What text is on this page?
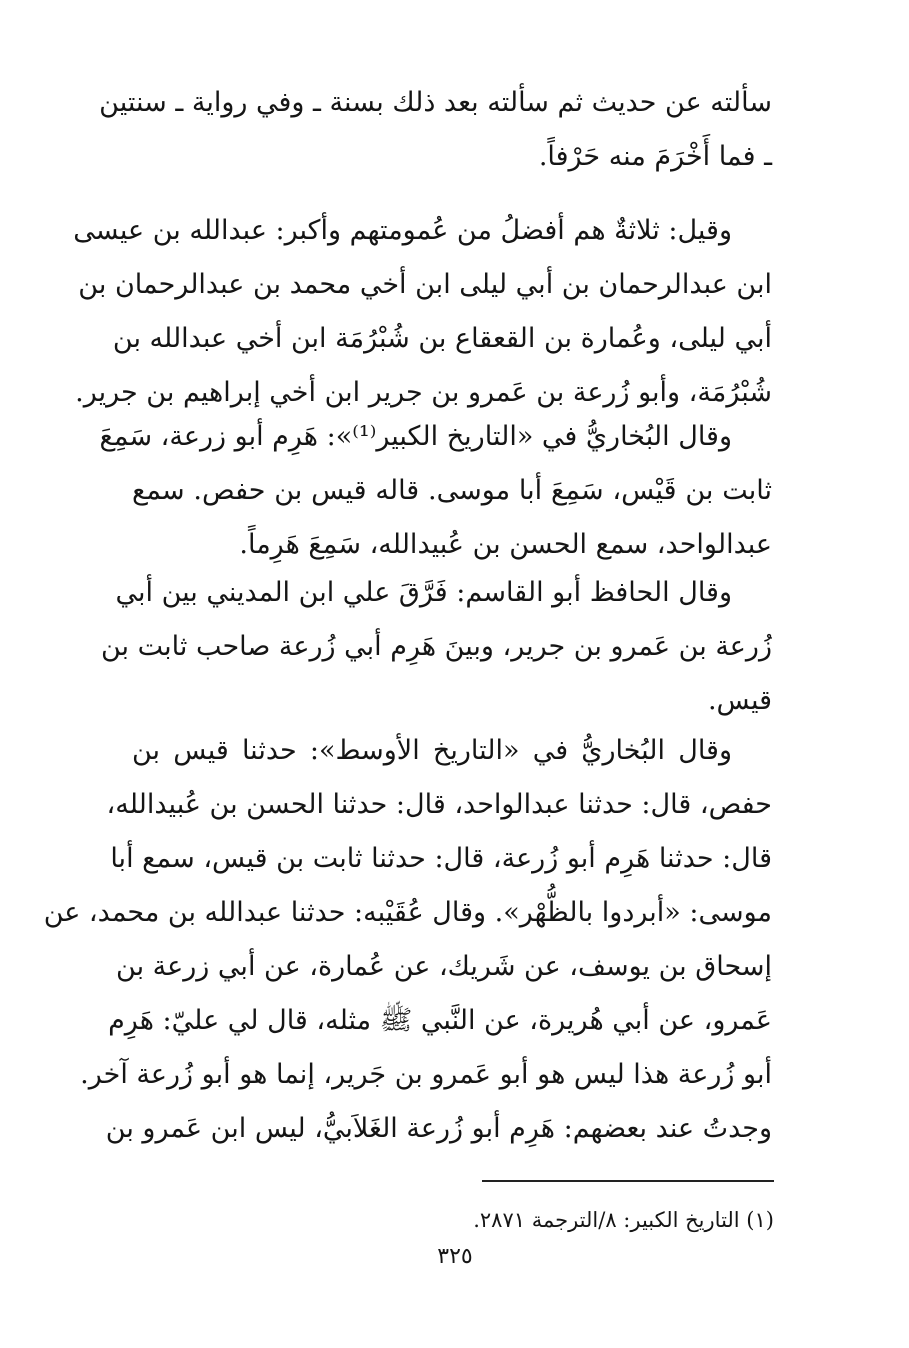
سألته عن حديث ثم سألته بعد ذلك بسنة ـ وفي رواية ـ سنتين
ـ فما أَخْرَمَ منه حَرْفاً.
وقيل: ثلاثةٌ هم أفضلُ من عُمومتهم وأكبر: عبدالله بن عيسى
ابن عبدالرحمان بن أبي ليلى ابن أخي محمد بن عبدالرحمان بن
أبي ليلى، وعُمارة بن القعقاع بن شُبْرُمَة ابن أخي عبدالله بن
شُبْرُمَة، وأبو زُرعة بن عَمرو بن جرير ابن أخي إبراهيم بن جرير.
وقال البُخاريُّ في «التاريخ الكبير⁽¹⁾»: هَرِم أبو زرعة، سَمِعَ
ثابت بن قَيْس، سَمِعَ أبا موسى. قاله قيس بن حفص. سمع
عبدالواحد، سمع الحسن بن عُبيدالله، سَمِعَ هَرِماً.
وقال الحافظ أبو القاسم: فَرَّقَ علي ابن المديني بين أبي
زُرعة بن عَمرو بن جرير، وبينَ هَرِم أبي زُرعة صاحب ثابت بن
قيس.
وقال البُخاريُّ في «التاريخ الأوسط»: حدثنا قيس بن
حفص، قال: حدثنا عبدالواحد، قال: حدثنا الحسن بن عُبيدالله،
قال: حدثنا هَرِم أبو زُرعة، قال: حدثنا ثابت بن قيس، سمع أبا
موسى: «أبردوا بالظُّهْر». وقال عُقَيْبه: حدثنا عبدالله بن محمد، عن
إسحاق بن يوسف، عن شَريك، عن عُمارة، عن أبي زرعة بن
عَمرو، عن أبي هُريرة، عن النَّبي ﷺ مثله، قال لي عليّ: هَرِم
أبو زُرعة هذا ليس هو أبو عَمرو بن جَرير، إنما هو أبو زُرعة آخر.
وجدتُ عند بعضهم: هَرِم أبو زُرعة الغَلاَبيُّ، ليس ابن عَمرو بن
(١) التاريخ الكبير: ٨/الترجمة ٢٨٧١.
٣٢٥
